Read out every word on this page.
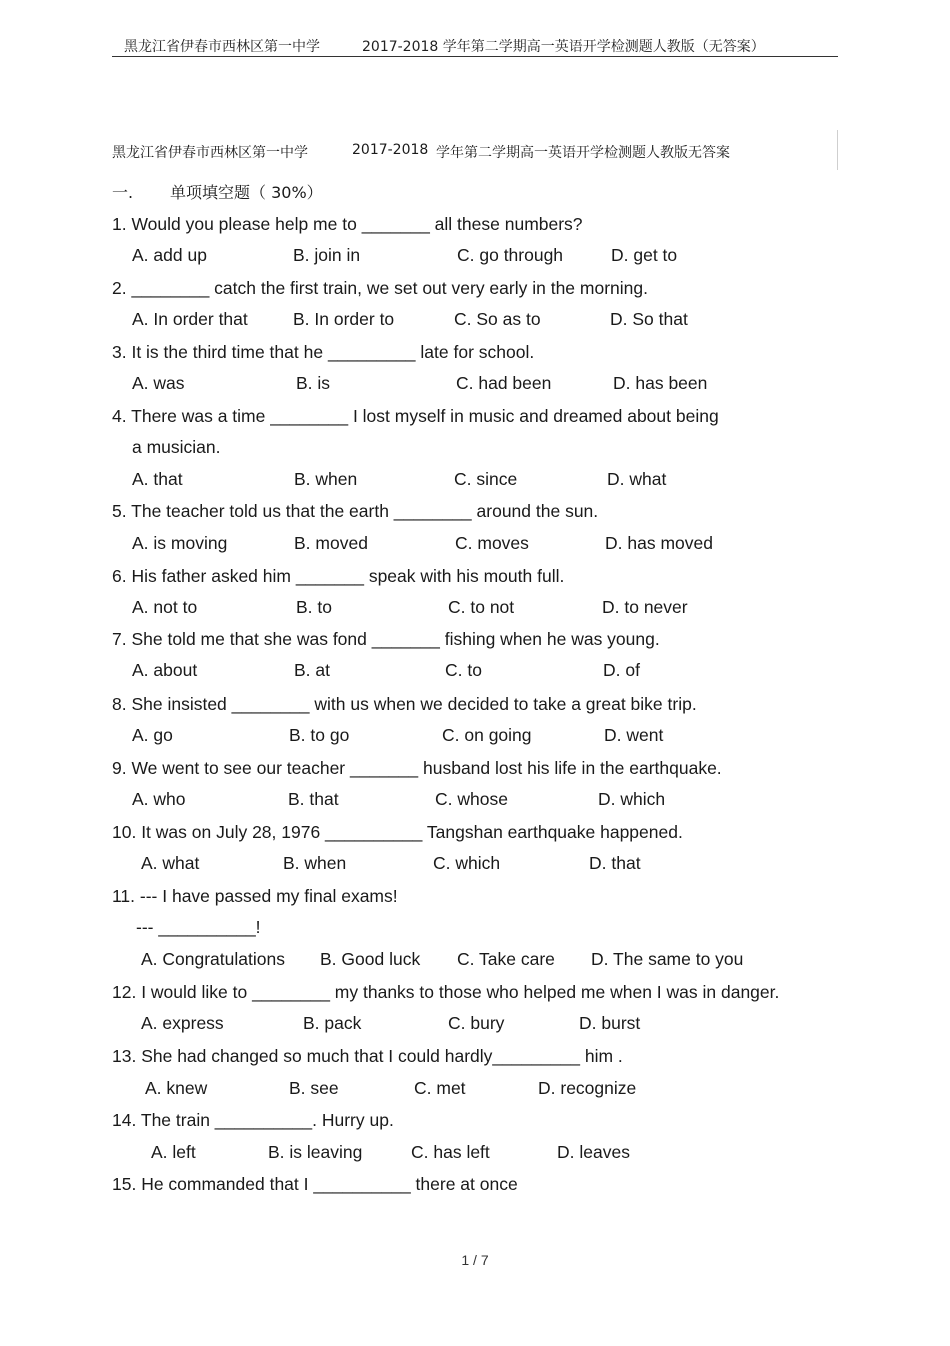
黑龙江省伊春市西林区第一中学	2017-2018 学年第二学期高一英语开学检测题人教版（无答案）
黑龙江省伊春市西林区第一中学	2017-2018 学年第二学期高一英语开学检测题人教版无答案
一. 单项填空题（ 30%）
1. Would you please help me to _______ all these numbers?
A. add up	B. join in	C. go through	D. get to
2. ________ catch the first train, we set out very early in the morning.
A. In order that	B. In order to	C. So as to	D. So that
3. It is the third time that he _________ late for school.
A. was	B. is	C. had been	D. has been
4. There was a time ________ I lost myself in music and dreamed about being
a musician.
A. that	B. when	C. since	D. what
5. The teacher told us that the earth ________ around the sun.
A. is moving	B. moved	C. moves	D. has moved
6. His father asked him _______ speak with his mouth full.
A. not to	B. to	C. to not	D. to never
7. She told me that she was fond _______ fishing when he was young.
A. about	B. at	C. to	D. of
8. She insisted ________ with us when we decided to take a great bike trip.
A. go	B. to go	C. on going	D. went
9. We went to see our teacher _______ husband lost his life in the earthquake.
A. who	B. that	C. whose	D. which
10. It was on July 28, 1976 __________ Tangshan earthquake happened.
A. what	B. when	C. which	D. that
11. --- I have passed my final exams!
--- __________!
A. Congratulations B. Good luck C. Take care D. The same to you
12. I would like to ________ my thanks to those who helped me when I was in danger.
A. express	B. pack	C. bury	D. burst
13. She had changed so much that I could hardly_________ him .
A. knew	B. see	C. met	D. recognize
14. The train __________. Hurry up.
A. left	B. is leaving	C. has left	D. leaves
15. He commanded that I __________ there at once
1 / 7
